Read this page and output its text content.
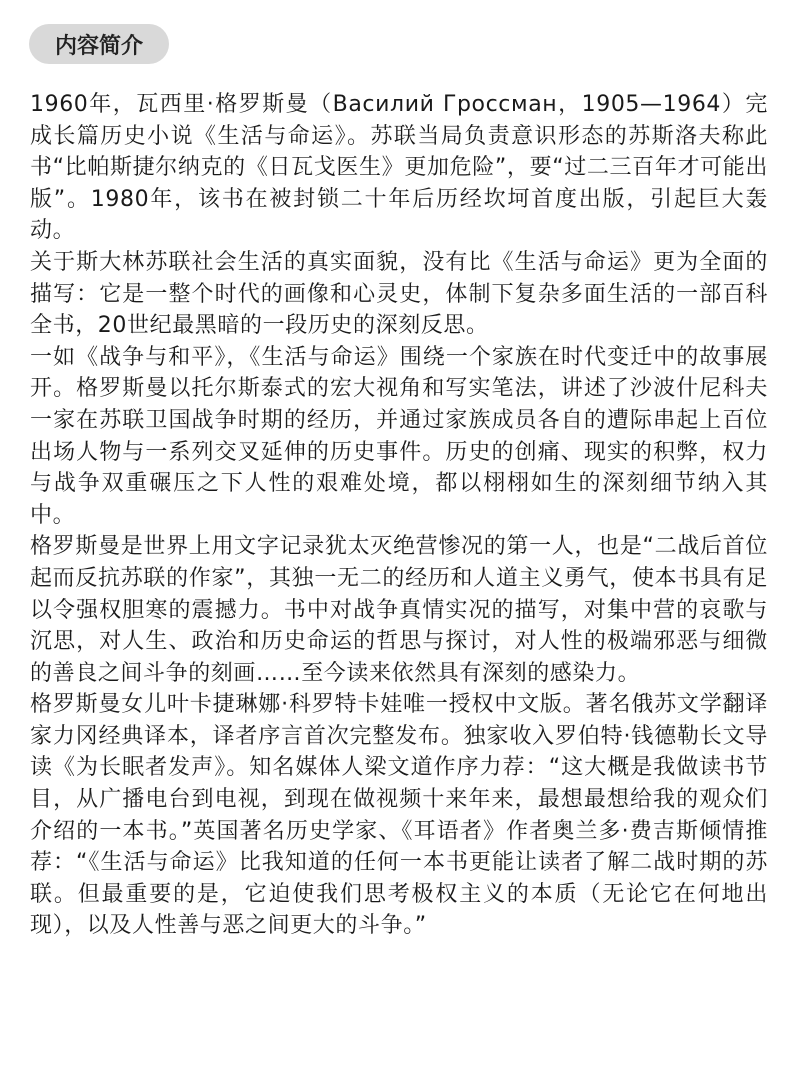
内容简介

1960年，瓦西里·格罗斯曼（Василий Гроссман，1905—1964）完成长篇历史小说《生活与命运》。苏联当局负责意识形态的苏斯洛夫称此书“比帕斯捷尔纳克的《日瓦戈医生》更加危险”，要“过二三百年才可能出版”。1980年，该书在被封锁二十年后历经坎坷首度出版，引起巨大轰动。

关于斯大林苏联社会生活的真实面貌，没有比《生活与命运》更为全面的描写：它是一整个时代的画像和心灵史，体制下复杂多面生活的一部百科全书，20世纪最黑暗的一段历史的深刻反思。

一如《战争与和平》，《生活与命运》围绕一个家族在时代变迁中的故事展开。格罗斯曼以托尔斯泰式的宏大视角和写实笔法，讲述了沙波什尼科夫一家在苏联卫国战争时期的经历，并通过家族成员各自的遭际串起上百位出场人物与一系列交叉延伸的历史事件。历史的创痛、现实的积弊，权力与战争双重碾压之下人性的艰难处境，都以栩栩如生的深刻细节纳入其中。

格罗斯曼是世界上用文字记录犹太灭绝营惨况的第一人，也是“二战后首位起而反抗苏联的作家”，其独一无二的经历和人道主义勇气，使本书具有足以令强权胆寒的震撼力。书中对战争真情实况的描写，对集中营的哀歌与沉思，对人生、政治和历史命运的哲思与探讨，对人性的极端邪恶与细微的善良之间斗争的刻画……至今读来依然具有深刻的感染力。

格罗斯曼女儿叶卡捷琳娜·科罗特卡娃唯一授权中文版。著名俄苏文学翻译家力冈经典译本，译者序言首次完整发布。独家收入罗伯特·钱德勒长文导读《为长眠者发声》。知名媒体人梁文道作序力荐：“这大概是我做读书节目，从广播电台到电视，到现在做视频十来年来，最想最想给我的观众们介绍的一本书。”英国著名历史学家、《耳语者》作者奥兰多·费吉斯倾情推荐：“《生活与命运》比我知道的任何一本书更能让读者了解二战时期的苏联。但最重要的是，它迫使我们思考极权主义的本质（无论它在何地出现），以及人性善与恶之间更大的斗争。”
